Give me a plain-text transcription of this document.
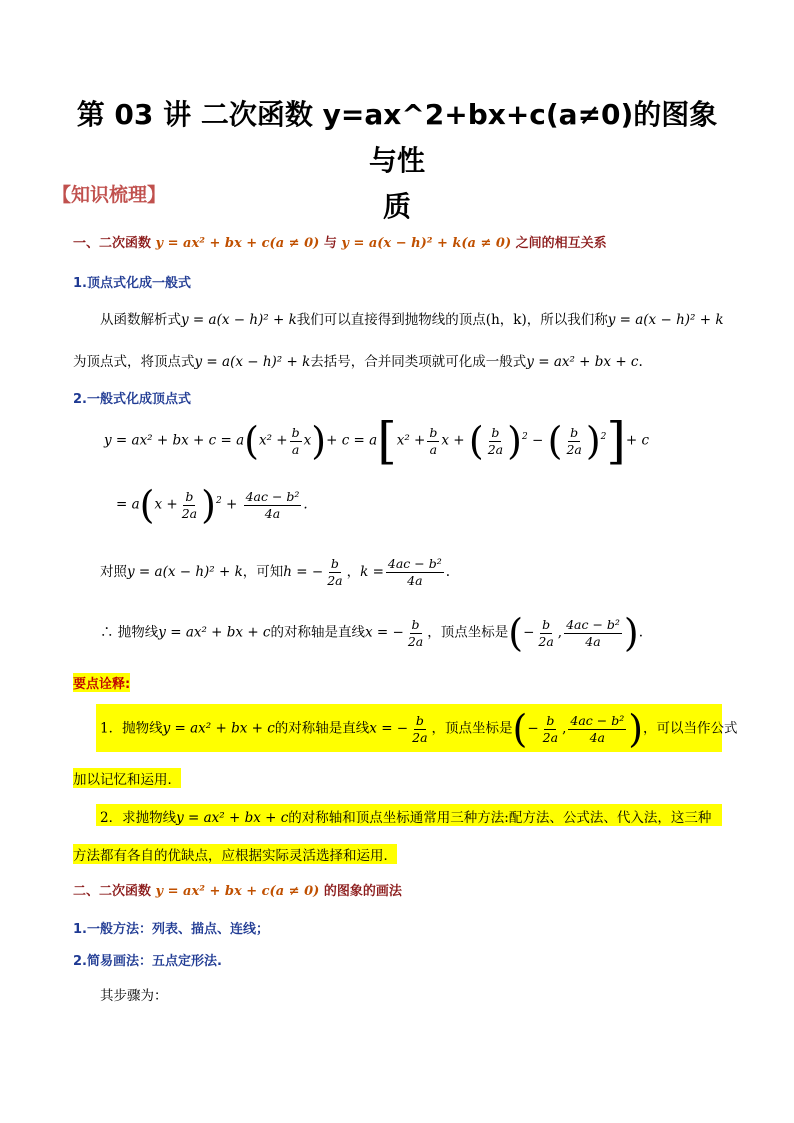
第 03 讲 二次函数 y=ax^2+bx+c(a≠0)的图象与性
质
【知识梳理】
一、二次函数 y = ax² + bx + c(a ≠ 0) 与 y = a(x − h)² + k(a ≠ 0) 之间的相互关系
1.顶点式化成一般式
从函数解析式y = a(x − h)² + k我们可以直接得到抛物线的顶点(h，k)，所以我们称y = a(x − h)² + k
为顶点式，将顶点式y = a(x − h)² + k去括号，合并同类项就可化成一般式y = ax² + bx + c.
2.一般式化成顶点式
y = ax² + bx + $c = a(x^2 + \frac{b}{a} x)+ c = a[x^2 + \frac{b}{a}$ x + ( $\frac{b}{2a} )^2$ − ( $\frac{b}{2a} )^2]+ c$
= $a(x + \frac{b}{2a} )^2 + \frac{\text{4ac − b²}}{4a}$ .
对照y = a(x − h)² + k，可知h = − $\frac{b}{2a}$ ，$k = \frac{\text{4ac − b²}}{4a}$ .
∴ 抛物线y = ax² + bx + c的对称轴是直线x = − $\frac{b}{2a}$ ，顶点坐标是(− $\frac{b}{2a}$ , $\frac{\text{4ac − b²}}{4a}$ ).
要点诠释:
1．抛物线y = ax² + bx + c的对称轴是直线x = − $\frac{b}{2a}$ ，顶点坐标是(− $\frac{b}{2a}$ , $\frac{\text{4ac − b²}}{4a}$ )，可以当作公式
加以记忆和运用．
2．求抛物线y = ax² + bx + c的对称轴和顶点坐标通常用三种方法:配方法、公式法、代入法，这三种
方法都有各自的优缺点，应根据实际灵活选择和运用．
二、二次函数 y = ax² + bx + c(a ≠ 0) 的图象的画法
1.一般方法：列表、描点、连线；
2.简易画法：五点定形法.
其步骤为：
